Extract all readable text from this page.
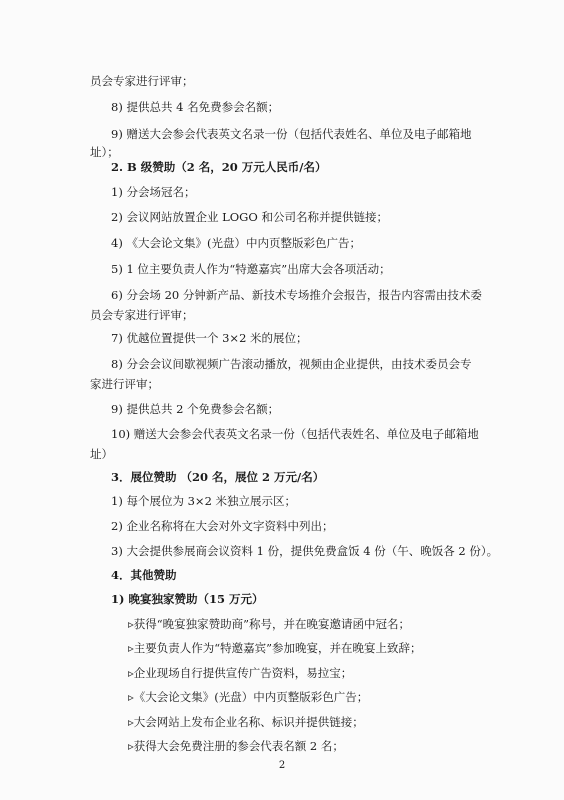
员会专家进行评审；
8) 提供总共 4 名免费参会名额；
9) 赠送大会参会代表英文名录一份（包括代表姓名、单位及电子邮箱地
址）；
2. B 级赞助（2 名，20 万元人民币/名）
1) 分会场冠名；
2) 会议网站放置企业 LOGO 和公司名称并提供链接；
4) 《大会论文集》(光盘）中内页整版彩色广告；
5) 1 位主要负责人作为“特邀嘉宾”出席大会各项活动；
6) 分会场 20 分钟新产品、新技术专场推介会报告，报告内容需由技术委
员会专家进行评审；
7) 优越位置提供一个 3×2 米的展位；
8) 分会会议间歇视频广告滚动播放，视频由企业提供，由技术委员会专
家进行评审；
9) 提供总共 2 个免费参会名额；
10) 赠送大会参会代表英文名录一份（包括代表姓名、单位及电子邮箱地
址）
3．展位赞助 （20 名，展位 2 万元/名）
1) 每个展位为 3×2 米独立展示区；
2) 企业名称将在大会对外文字资料中列出；
3) 大会提供参展商会议资料 1 份，提供免费盒饭 4 份（午、晚饭各 2 份）。
4．其他赞助
1) 晚宴独家赞助（15 万元）
▹获得“晚宴独家赞助商”称号，并在晚宴邀请函中冠名；
▹主要负责人作为“特邀嘉宾”参加晚宴，并在晚宴上致辞；
▹企业现场自行提供宣传广告资料，易拉宝；
▹《大会论文集》(光盘）中内页整版彩色广告；
▹大会网站上发布企业名称、标识并提供链接；
▹获得大会免费注册的参会代表名额 2 名；
2
